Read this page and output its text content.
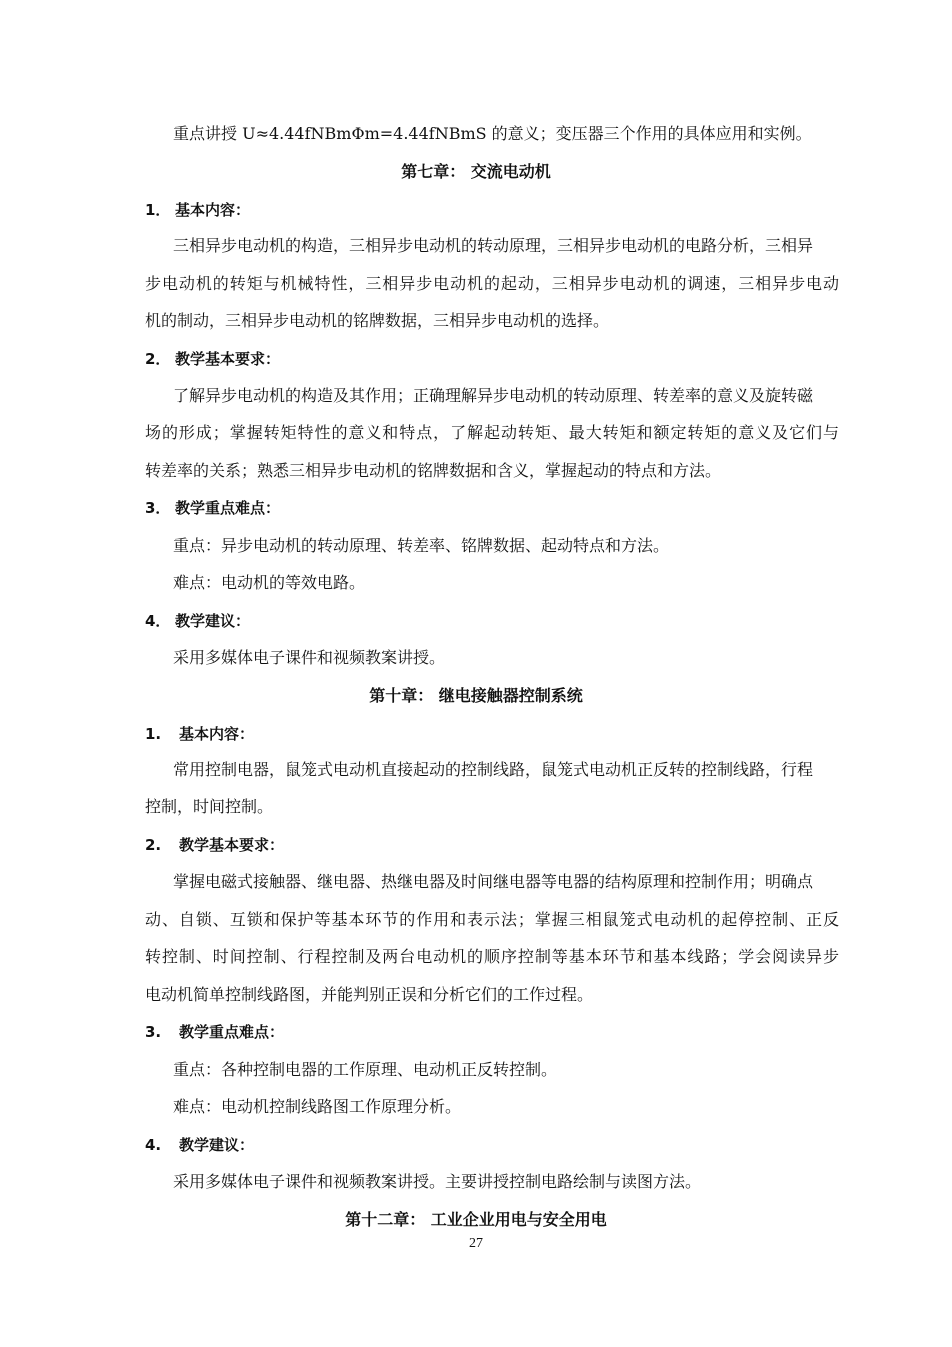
重点讲授 U≈4.44fNBmΦm=4.44fNBmS 的意义；变压器三个作用的具体应用和实例。
第七章： 交流电动机
1． 基本内容：
三相异步电动机的构造，三相异步电动机的转动原理，三相异步电动机的电路分析，三相异
步电动机的转矩与机械特性，三相异步电动机的起动，三相异步电动机的调速，三相异步电动
机的制动，三相异步电动机的铭牌数据，三相异步电动机的选择。
2． 教学基本要求：
了解异步电动机的构造及其作用；正确理解异步电动机的转动原理、转差率的意义及旋转磁
场的形成；掌握转矩特性的意义和特点，了解起动转矩、最大转矩和额定转矩的意义及它们与
转差率的关系；熟悉三相异步电动机的铭牌数据和含义，掌握起动的特点和方法。
3． 教学重点难点：
重点：异步电动机的转动原理、转差率、铭牌数据、起动特点和方法。
难点：电动机的等效电路。
4． 教学建议：
采用多媒体电子课件和视频教案讲授。
第十章： 继电接触器控制系统
1. 基本内容：
常用控制电器，鼠笼式电动机直接起动的控制线路，鼠笼式电动机正反转的控制线路，行程
控制，时间控制。
2. 教学基本要求：
掌握电磁式接触器、继电器、热继电器及时间继电器等电器的结构原理和控制作用；明确点
动、自锁、互锁和保护等基本环节的作用和表示法；掌握三相鼠笼式电动机的起停控制、正反
转控制、时间控制、行程控制及两台电动机的顺序控制等基本环节和基本线路；学会阅读异步
电动机简单控制线路图，并能判别正误和分析它们的工作过程。
3. 教学重点难点：
重点：各种控制电器的工作原理、电动机正反转控制。
难点：电动机控制线路图工作原理分析。
4. 教学建议：
采用多媒体电子课件和视频教案讲授。主要讲授控制电路绘制与读图方法。
第十二章： 工业企业用电与安全用电
27
